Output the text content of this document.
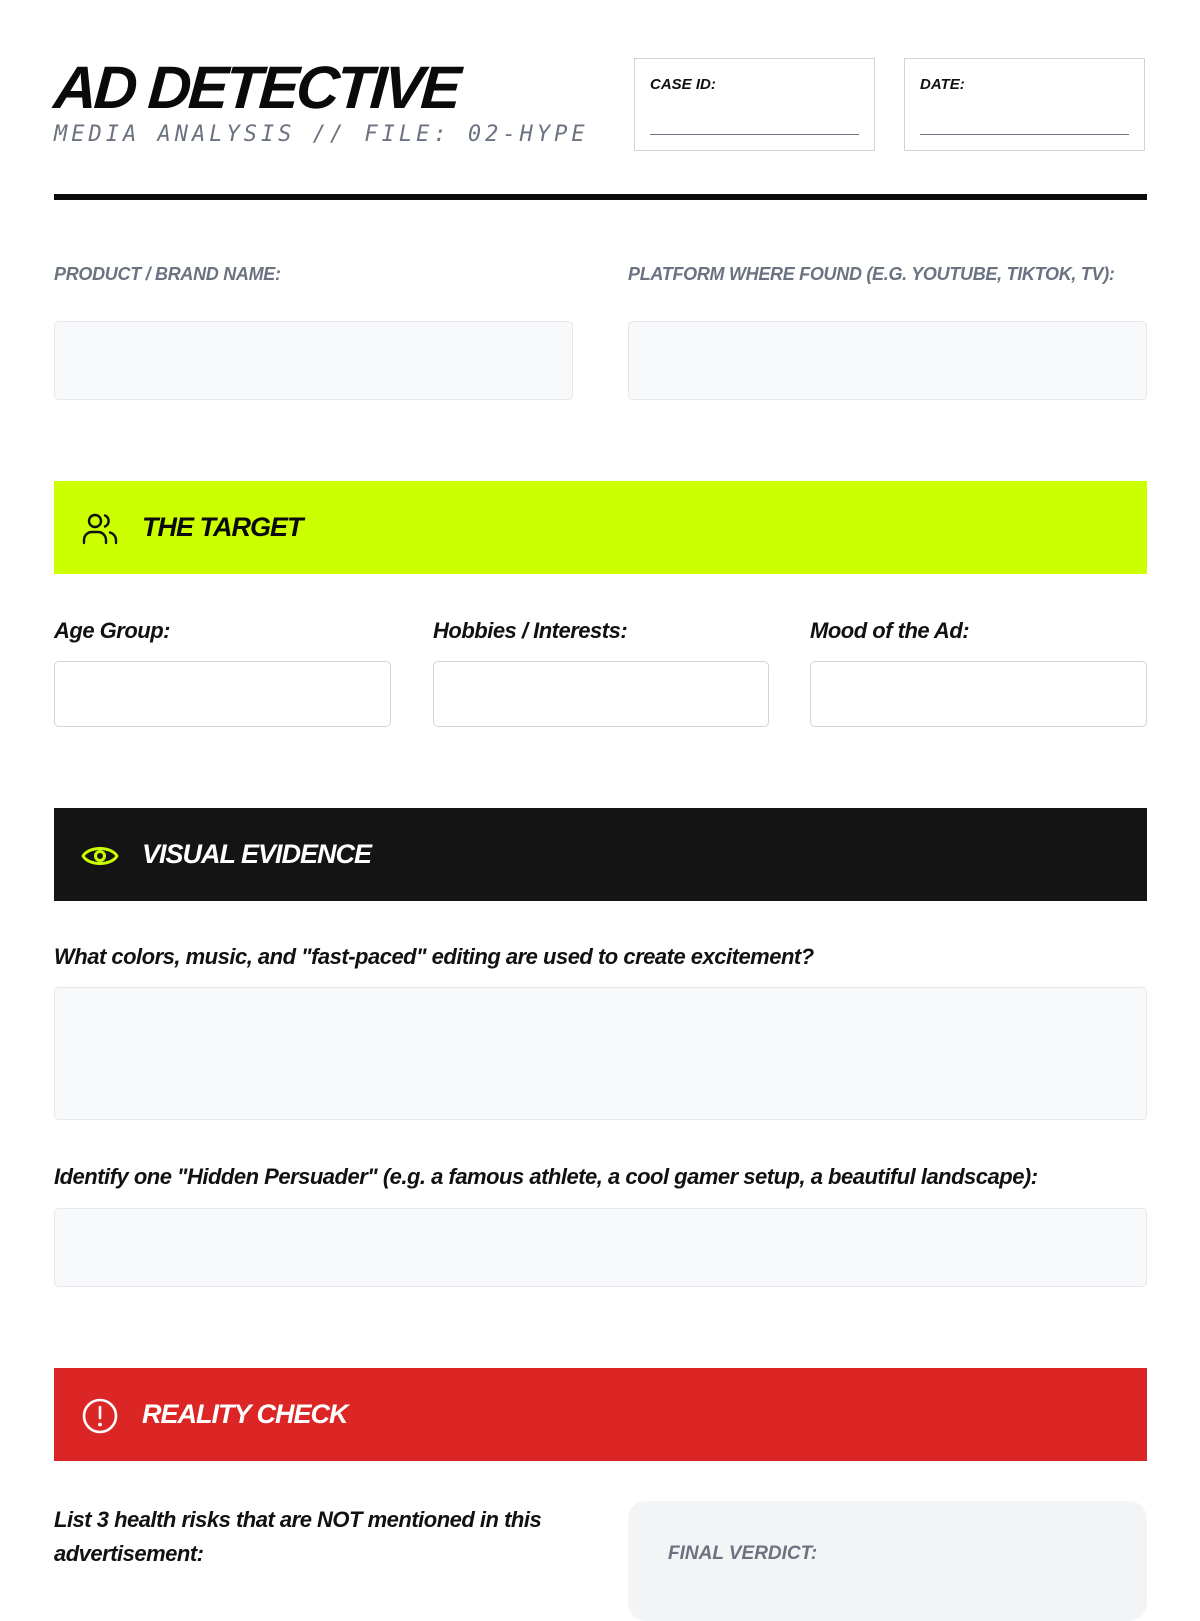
AD DETECTIVE
MEDIA ANALYSIS // FILE: 02-HYPE
CASE ID:	DATE:
PRODUCT / BRAND NAME:	PLATFORM WHERE FOUND (E.G. YOUTUBE, TIKTOK, TV):
THE TARGET
Age Group:	Hobbies / Interests:	Mood of the Ad:
VISUAL EVIDENCE
What colors, music, and "fast-paced" editing are used to create excitement?
Identify one "Hidden Persuader" (e.g. a famous athlete, a cool gamer setup, a beautiful landscape):
REALITY CHECK
List 3 health risks that are NOT mentioned in this advertisement:	FINAL VERDICT:
